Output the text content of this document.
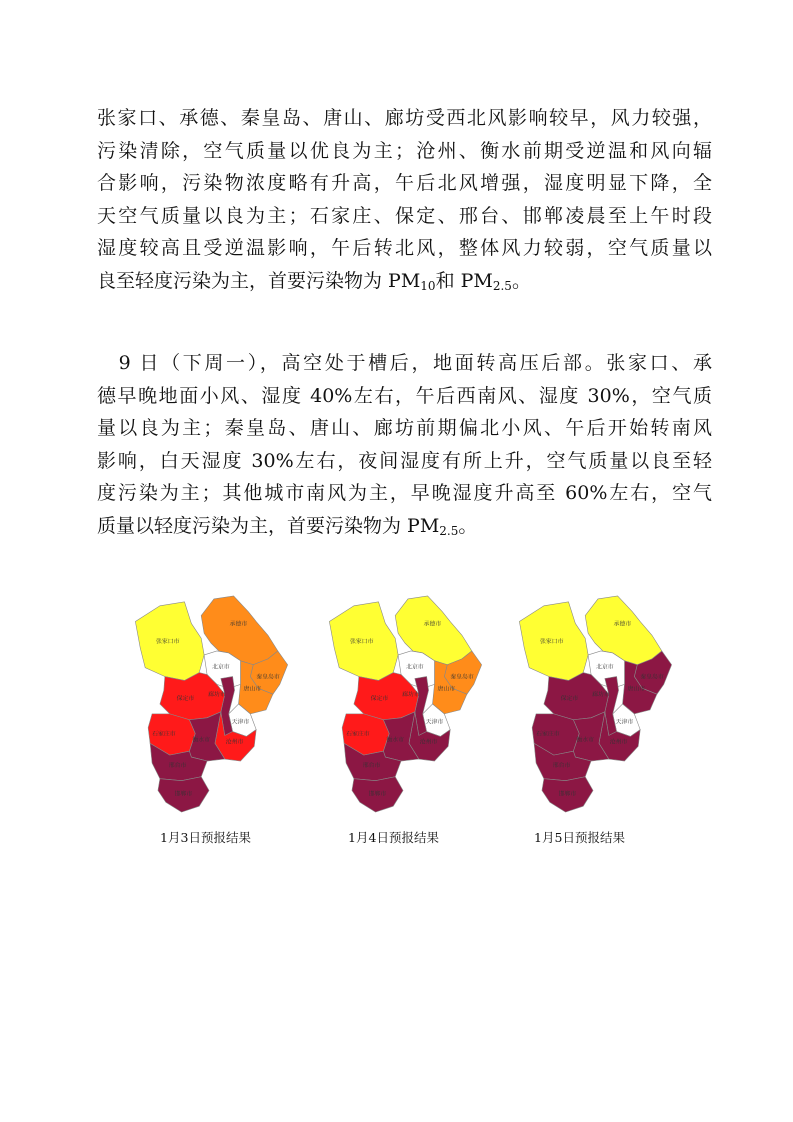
张家口、承德、秦皇岛、唐山、廊坊受西北风影响较早，风力较强，
污染清除，空气质量以优良为主；沧州、衡水前期受逆温和风向辐
合影响，污染物浓度略有升高，午后北风增强，湿度明显下降，全
天空气质量以良为主；石家庄、保定、邢台、邯郸凌晨至上午时段
湿度较高且受逆温影响，午后转北风，整体风力较弱，空气质量以
良至轻度污染为主，首要污染物为 $PM_{10}$和 $PM_{2.5}$。
　9 日（下周一），高空处于槽后，地面转高压后部。张家口、承
德早晚地面小风、湿度 40%左右，午后西南风、湿度 30%，空气质
量以良为主；秦皇岛、唐山、廊坊前期偏北小风、午后开始转南风
影响，白天湿度 30%左右，夜间湿度有所上升，空气质量以良至轻
度污染为主；其他城市南风为主，早晚湿度升高至 60%左右，空气
质量以轻度污染为主，首要污染物为 $PM_{2.5}$。
张家口市
承德市
北京市
秦皇岛市
唐山市
廊坊市
天津市
保定市
沧州市
石家庄市
衡水市
邢台市
邯郸市
张家口市
承德市
北京市
秦皇岛市
唐山市
廊坊市
天津市
保定市
沧州市
石家庄市
衡水市
邢台市
邯郸市
张家口市
承德市
北京市
秦皇岛市
唐山市
廊坊市
天津市
保定市
沧州市
石家庄市
衡水市
邢台市
邯郸市
1月3日预报结果	1月4日预报结果	1月5日预报结果
